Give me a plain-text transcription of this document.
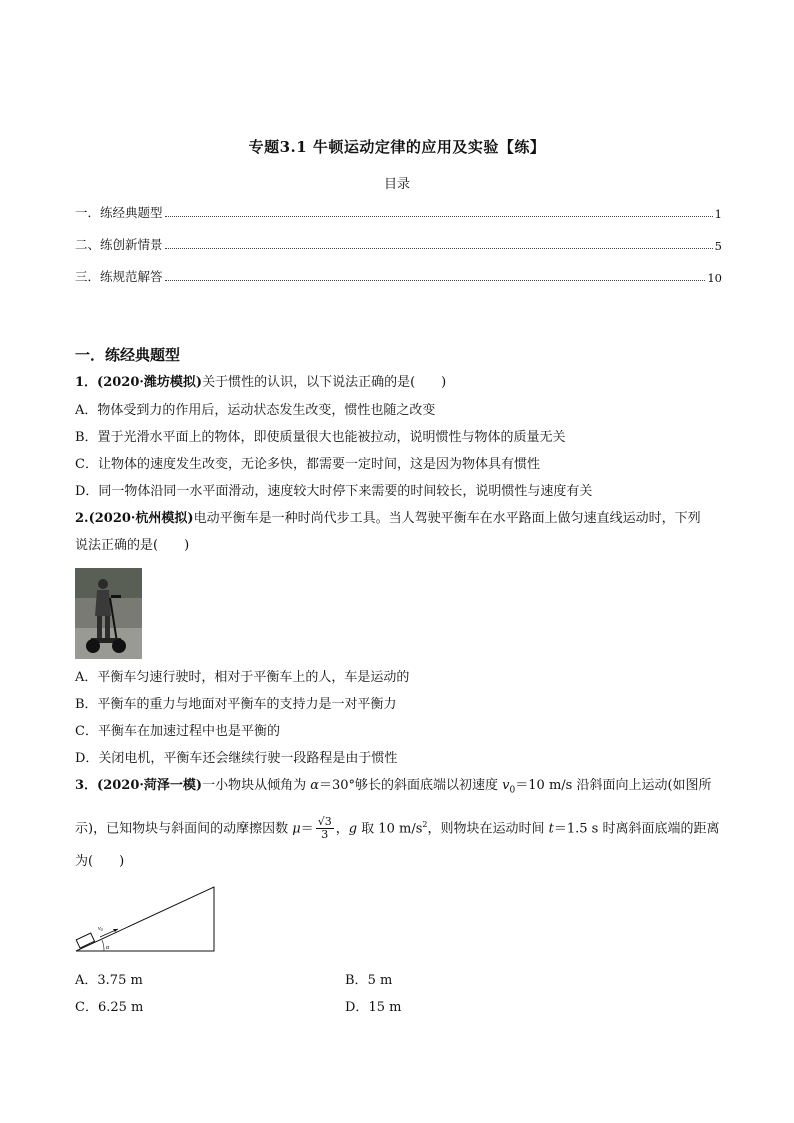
专题3.1 牛顿运动定律的应用及实验【练】
目录
一．练经典题型	1
二、练创新情景	5
三．练规范解答	10
一．练经典题型
1．(2020·潍坊模拟)关于惯性的认识，以下说法正确的是(　　)
A．物体受到力的作用后，运动状态发生改变，惯性也随之改变
B．置于光滑水平面上的物体，即使质量很大也能被拉动，说明惯性与物体的质量无关
C．让物体的速度发生改变，无论多快，都需要一定时间，这是因为物体具有惯性
D．同一物体沿同一水平面滑动，速度较大时停下来需要的时间较长，说明惯性与速度有关
2.(2020·杭州模拟)电动平衡车是一种时尚代步工具。当人驾驶平衡车在水平路面上做匀速直线运动时，下列
说法正确的是(　　)
A．平衡车匀速行驶时，相对于平衡车上的人，车是运动的
B．平衡车的重力与地面对平衡车的支持力是一对平衡力
C．平衡车在加速过程中也是平衡的
D．关闭电机，平衡车还会继续行驶一段路程是由于惯性
3．(2020·菏泽一模)一小物块从倾角为 α＝30°够长的斜面底端以初速度 $v_0=10$ m/s 沿斜面向上运动(如图所
示)，已知物块与斜面间的动摩擦因数 $\mu= \frac{√3}{3}$ ，g 取 10 $m/s^2$，则物块在运动时间 t＝1.5 s 时离斜面底端的距离
为(　　)
v0
α
A．3.75 m	B．5 m
C．6.25 m	D．15 m
